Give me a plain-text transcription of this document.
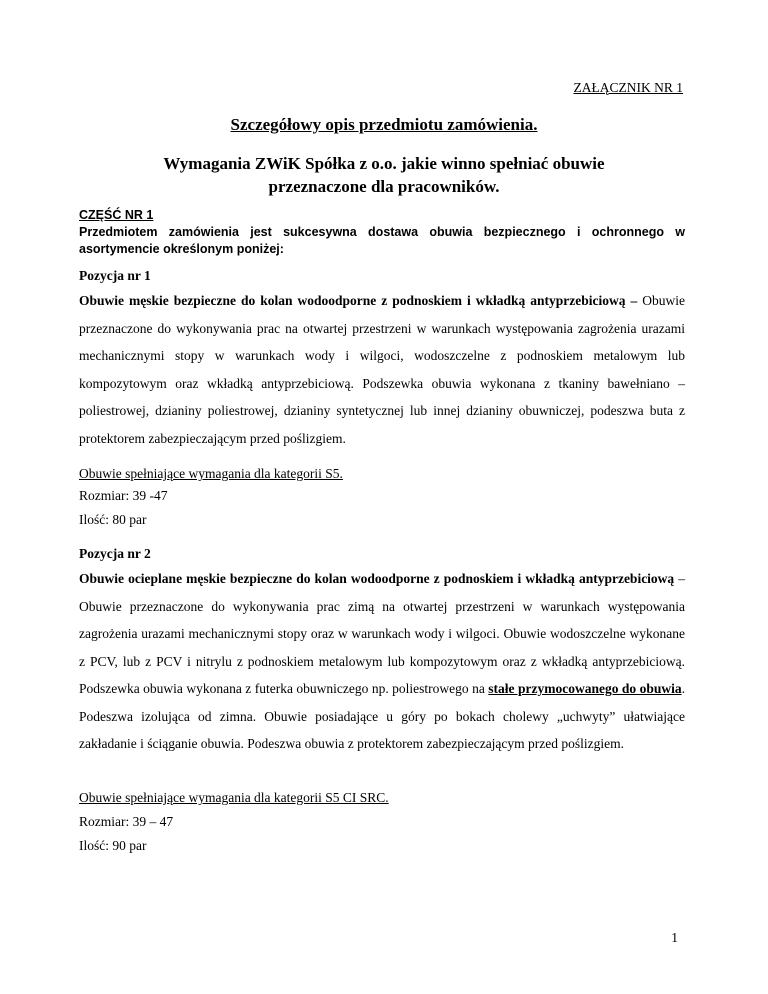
ZAŁĄCZNIK NR 1
Szczegółowy opis przedmiotu zamówienia.
Wymagania ZWiK Spółka z o.o. jakie winno spełniać obuwie przeznaczone dla pracowników.
CZĘŚĆ NR 1
Przedmiotem zamówienia jest sukcesywna dostawa obuwia bezpiecznego i ochronnego w asortymencie określonym poniżej:
Pozycja nr 1
Obuwie męskie bezpieczne do kolan wodoodporne z podnoskiem i wkładką antyprzebiciową – Obuwie przeznaczone do wykonywania prac na otwartej przestrzeni w warunkach występowania zagrożenia urazami mechanicznymi stopy w warunkach wody i wilgoci, wodoszczelne z podnoskiem metalowym lub kompozytowym oraz wkładką antyprzebiciową. Podszewka obuwia wykonana z tkaniny bawełniano – poliestrowej, dzianiny poliestrowej, dzianiny syntetycznej lub innej dzianiny obuwniczej, podeszwa buta z protektorem zabezpieczającym przed poślizgiem.
Obuwie spełniające wymagania dla kategorii S5.
Rozmiar: 39 -47
Ilość: 80 par
Pozycja nr 2
Obuwie ocieplane męskie bezpieczne do kolan wodoodporne z podnoskiem i wkładką antyprzebiciową – Obuwie przeznaczone do wykonywania prac zimą na otwartej przestrzeni w warunkach występowania zagrożenia urazami mechanicznymi stopy oraz w warunkach wody i wilgoci. Obuwie wodoszczelne wykonane z PCV, lub z PCV i nitrylu z podnoskiem metalowym lub kompozytowym oraz z wkładką antyprzebiciową. Podszewka obuwia wykonana z futerka obuwniczego np. poliestrowego na stałe przymocowanego do obuwia. Podeszwa izolująca od zimna. Obuwie posiadające u góry po bokach cholewy „uchwyty” ułatwiające zakładanie i ściąganie obuwia. Podeszwa obuwia z protektorem zabezpieczającym przed poślizgiem.
Obuwie spełniające wymagania dla kategorii S5 CI SRC.
Rozmiar: 39 – 47
Ilość: 90 par
1
